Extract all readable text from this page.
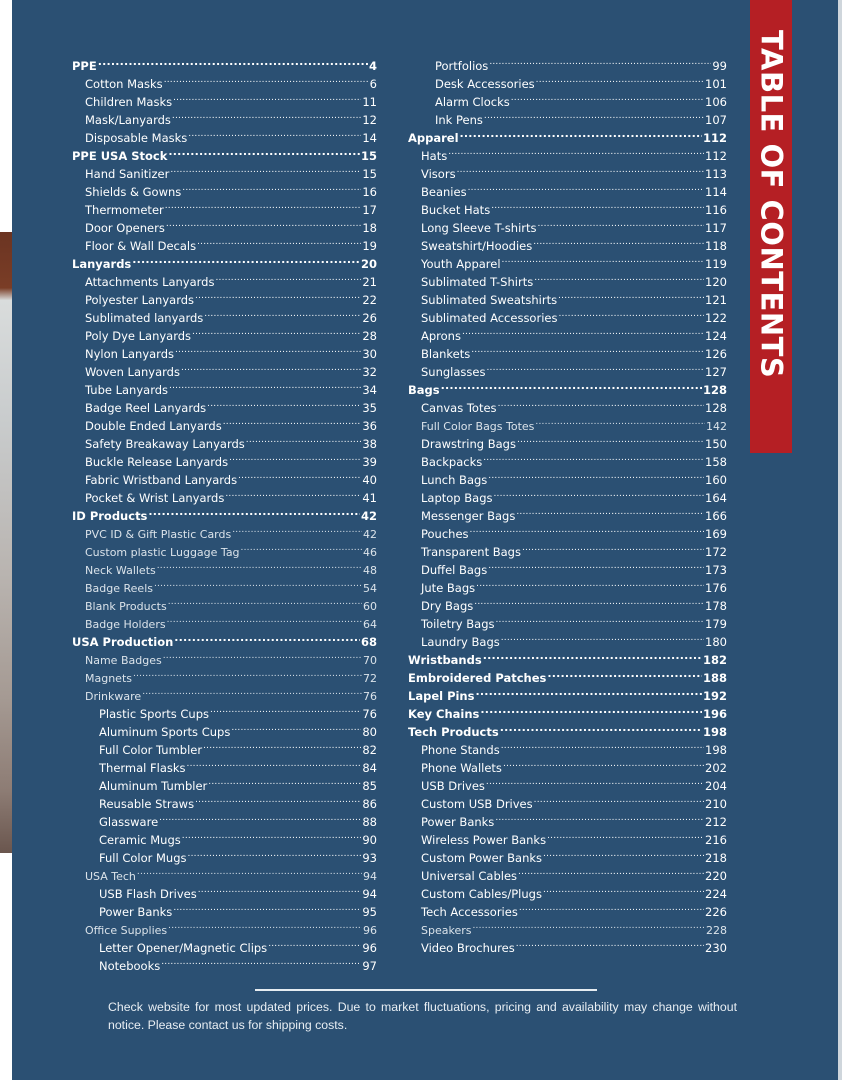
TABLE OF CONTENTS
PPE .....	4
Cotton Masks .....	6
Children Masks .....	11
Mask/Lanyards .....	12
Disposable Masks .....	14
PPE USA Stock .....	15
Hand Sanitizer .....	15
Shields & Gowns .....	16
Thermometer .....	17
Door Openers .....	18
Floor & Wall Decals .....	19
Lanyards .....	20
Attachments Lanyards .....	21
Polyester Lanyards .....	22
Sublimated lanyards .....	26
Poly Dye Lanyards .....	28
Nylon Lanyards .....	30
Woven Lanyards .....	32
Tube Lanyards .....	34
Badge Reel Lanyards .....	35
Double Ended Lanyards .....	36
Safety Breakaway Lanyards .....	38
Buckle Release Lanyards .....	39
Fabric Wristband Lanyards .....	40
Pocket & Wrist Lanyards .....	41
ID Products .....	42
PVC ID & Gift Plastic Cards .....	42
Custom plastic Luggage Tag .....	46
Neck Wallets .....	48
Badge Reels .....	54
Blank Products .....	60
Badge Holders .....	64
USA Production .....	68
Name Badges .....	70
Magnets .....	72
Drinkware .....	76
Plastic Sports Cups .....	76
Aluminum Sports Cups .....	80
Full Color Tumbler .....	82
Thermal Flasks .....	84
Aluminum Tumbler .....	85
Reusable Straws .....	86
Glassware .....	88
Ceramic Mugs .....	90
Full Color Mugs .....	93
USA Tech .....	94
USB Flash Drives .....	94
Power Banks .....	95
Office Supplies .....	96
Letter Opener/Magnetic Clips .....	96
Notebooks .....	97
Portfolios .....	99
Desk Accessories .....	101
Alarm Clocks .....	106
Ink Pens .....	107
Apparel .....	112
Hats .....	112
Visors .....	113
Beanies .....	114
Bucket Hats .....	116
Long Sleeve T-shirts .....	117
Sweatshirt/Hoodies .....	118
Youth Apparel .....	119
Sublimated T-Shirts .....	120
Sublimated Sweatshirts .....	121
Sublimated Accessories .....	122
Aprons .....	124
Blankets .....	126
Sunglasses .....	127
Bags .....	128
Canvas Totes .....	128
Full Color Bags Totes .....	142
Drawstring Bags .....	150
Backpacks .....	158
Lunch Bags .....	160
Laptop Bags .....	164
Messenger Bags .....	166
Pouches .....	169
Transparent Bags .....	172
Duffel Bags .....	173
Jute Bags .....	176
Dry Bags .....	178
Toiletry Bags .....	179
Laundry Bags .....	180
Wristbands .....	182
Embroidered Patches .....	188
Lapel Pins .....	192
Key Chains .....	196
Tech Products .....	198
Phone Stands .....	198
Phone Wallets .....	202
USB Drives .....	204
Custom USB Drives .....	210
Power Banks .....	212
Wireless Power Banks .....	216
Custom Power Banks .....	218
Universal Cables .....	220
Custom Cables/Plugs .....	224
Tech Accessories .....	226
Speakers .....	228
Video Brochures .....	230
Check website for most updated prices. Due to market fluctuations, pricing and availability may change without notice. Please contact us for shipping costs.
